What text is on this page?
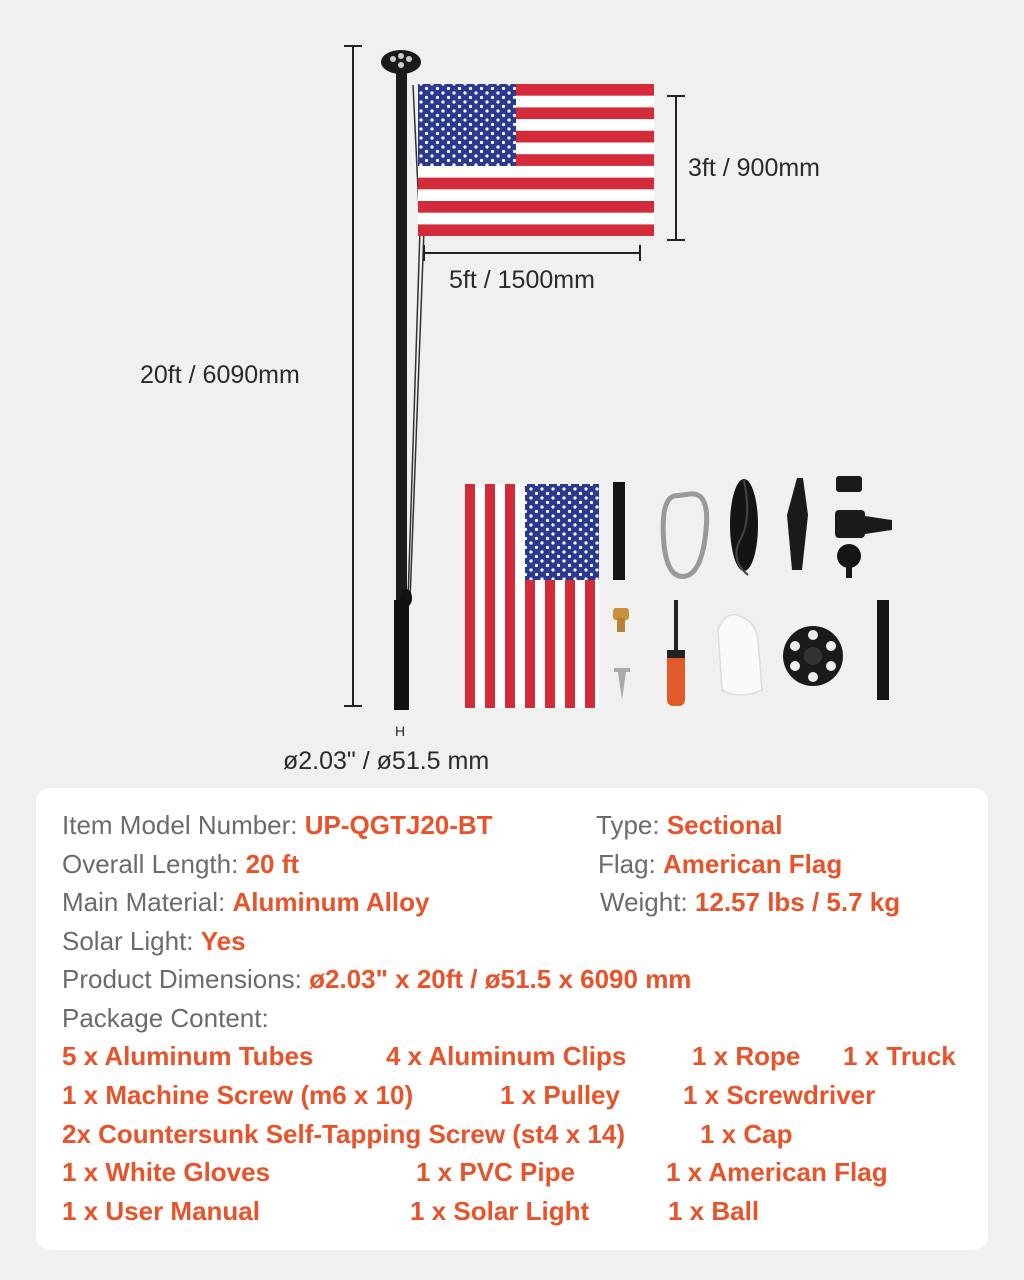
3ft / 900mm
5ft / 1500mm
20ft / 6090mm
H
ø2.03" / ø51.5 mm
Item Model Number: UP-QGTJ20-BT	Type: Sectional
Overall Length: 20 ft	Flag: American Flag
Main Material: Aluminum Alloy	Weight: 12.57 lbs / 5.7 kg
Solar Light: Yes
Product Dimensions: ø2.03" x 20ft / ø51.5 x 6090 mm
Package Content:
5 x Aluminum Tubes	4 x Aluminum Clips	1 x Rope 1 x Truck
1 x Machine Screw (m6 x 10)	1 x Pulley 1 x Screwdriver
2x Countersunk Self-Tapping Screw (st4 x 14)	1 x Cap
1 x White Gloves	1 x PVC Pipe	1 x American Flag
1 x User Manual	1 x Solar Light	1 x Ball
